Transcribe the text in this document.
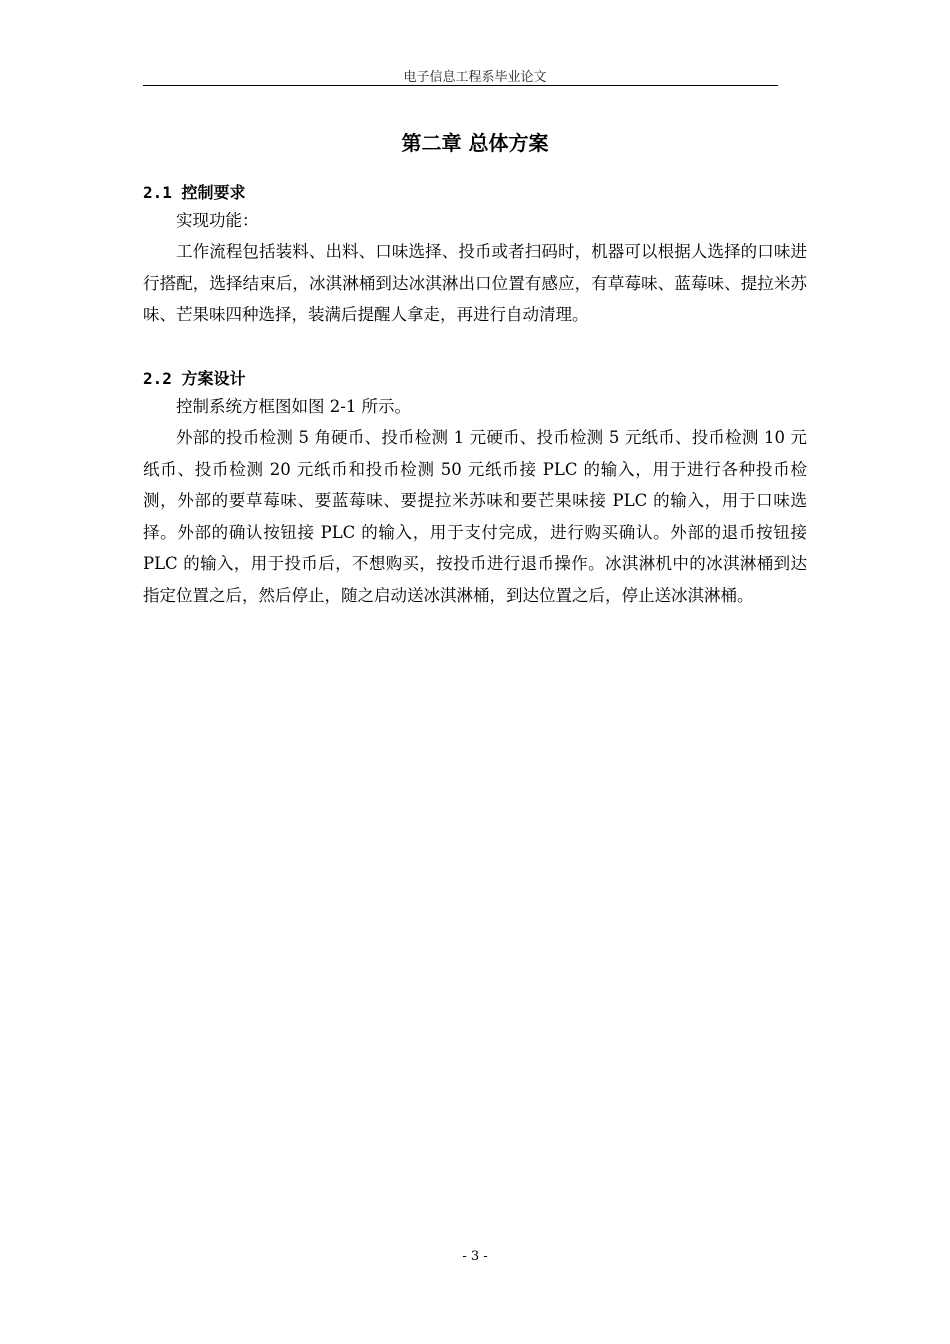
电子信息工程系毕业论文
第二章 总体方案
2.1 控制要求

实现功能：

工作流程包括装料、出料、口味选择、投币或者扫码时，机器可以根据人选择的口味进行搭配，选择结束后，冰淇淋桶到达冰淇淋出口位置有感应，有草莓味、蓝莓味、提拉米苏味、芒果味四种选择，装满后提醒人拿走，再进行自动清理。

2.2 方案设计

控制系统方框图如图 2-1 所示。

外部的投币检测 5 角硬币、投币检测 1 元硬币、投币检测 5 元纸币、投币检测 10 元纸币、投币检测 20 元纸币和投币检测 50 元纸币接 PLC 的输入，用于进行各种投币检测，外部的要草莓味、要蓝莓味、要提拉米苏味和要芒果味接 PLC 的输入，用于口味选择。外部的确认按钮接 PLC 的输入，用于支付完成，进行购买确认。外部的退币按钮接 PLC 的输入，用于投币后，不想购买，按投币进行退币操作。冰淇淋机中的冰淇淋桶到达指定位置之后，然后停止，随之启动送冰淇淋桶，到达位置之后，停止送冰淇淋桶。

- 3 -
